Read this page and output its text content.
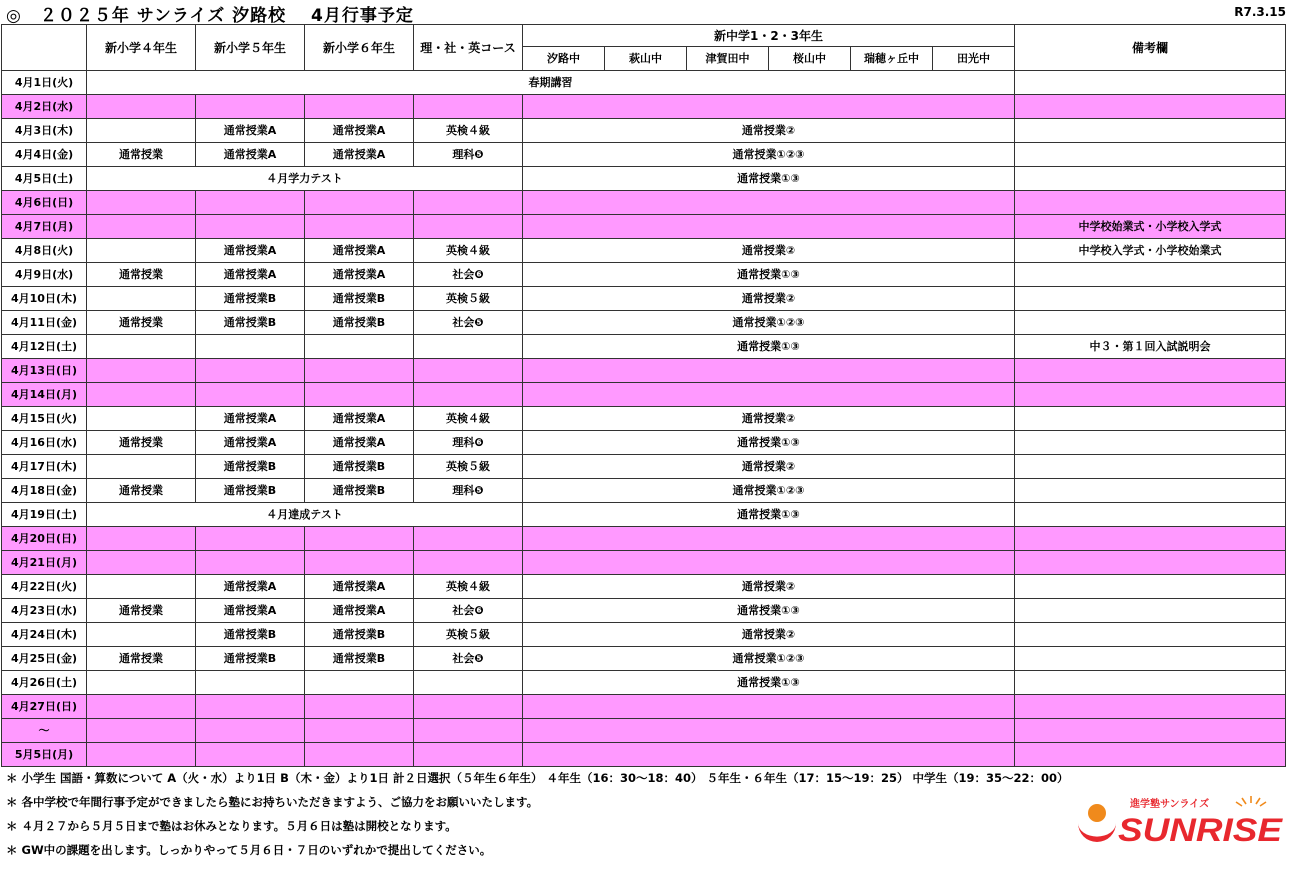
◎　２０２５年 サンライズ 汐路校　 4月行事予定	R7.3.15
	新小学４年生	新小学５年生	新小学６年生	理・社・英コース	新中学1・2・3年生						備考欄
					汐路中	萩山中	津賀田中	桜山中	瑞穂ヶ丘中	田光中	
4月1日(火)	春期講習										
4月2日(水)											
4月3日(木)		通常授業A	通常授業A	英検４級	通常授業②						
4月4日(金)	通常授業	通常授業A	通常授業A	理科❺	通常授業①②③						
4月5日(土)	４月学力テスト				通常授業①③						
4月6日(日)											
4月7日(月)											中学校始業式・小学校入学式
4月8日(火)		通常授業A	通常授業A	英検４級	通常授業②						中学校入学式・小学校始業式
4月9日(水)	通常授業	通常授業A	通常授業A	社会❻	通常授業①③						
4月10日(木)		通常授業B	通常授業B	英検５級	通常授業②						
4月11日(金)	通常授業	通常授業B	通常授業B	社会❺	通常授業①②③						
4月12日(土)					通常授業①③						中３・第１回入試説明会
4月13日(日)											
4月14日(月)											
4月15日(火)		通常授業A	通常授業A	英検４級	通常授業②						
4月16日(水)	通常授業	通常授業A	通常授業A	理科❻	通常授業①③						
4月17日(木)		通常授業B	通常授業B	英検５級	通常授業②						
4月18日(金)	通常授業	通常授業B	通常授業B	理科❺	通常授業①②③						
4月19日(土)	４月達成テスト				通常授業①③						
4月20日(日)											
4月21日(月)											
4月22日(火)		通常授業A	通常授業A	英検４級	通常授業②						
4月23日(水)	通常授業	通常授業A	通常授業A	社会❻	通常授業①③						
4月24日(木)		通常授業B	通常授業B	英検５級	通常授業②						
4月25日(金)	通常授業	通常授業B	通常授業B	社会❺	通常授業①②③						
4月26日(土)					通常授業①③						
4月27日(日)											
～											
5月5日(月)											
＊ 小学生 国語・算数について A（火・水）より1日 B（木・金）より1日 計２日選択（５年生６年生） ４年生（16：30～18：40） ５年生・６年生（17：15～19：25） 中学生（19：35～22：00）
＊ 各中学校で年間行事予定ができましたら塾にお持ちいただきますよう、ご協力をお願いいたします。
＊ ４月２７から５月５日まで塾はお休みとなります。５月６日は塾は開校となります。
＊ GW中の課題を出します。しっかりやって５月６日・７日のいずれかで提出してください。
進学塾サンライズ
SUNRISE
